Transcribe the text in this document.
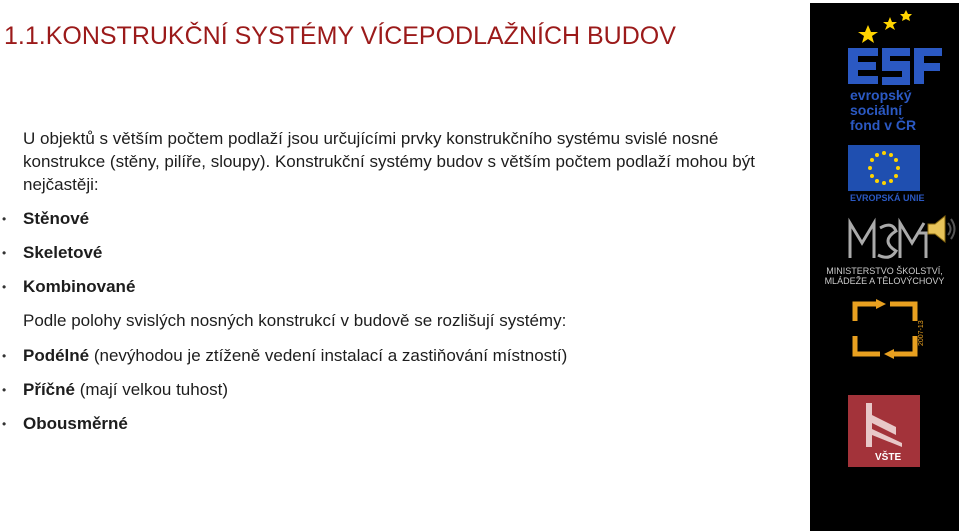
1.1.KONSTRUKČNÍ SYSTÉMY VÍCEPODLAŽNÍCH BUDOV

U objektů s větším počtem podlaží jsou určujícími prvky konstrukčního systému svislé nosné konstrukce (stěny, pilíře, sloupy). Konstrukční systémy budov s větším počtem podlaží mohou být nejčastěji:

• Stěnové
• Skeletové
• Kombinované
Podle polohy svislých nosných konstrukcí v budově se rozlišují systémy:
• Podélné (nevýhodou je ztíženě vedení instalací a zastiňování místností)
• Příčné (mají velkou tuhost)
• Obousměrné
evropský
sociální
fond v ČR
EVROPSKÁ UNIE
MINISTERSTVO ŠKOLSTVÍ,
MLÁDEŽE A TĚLOVÝCHOVY
2007-13
VŠTE
